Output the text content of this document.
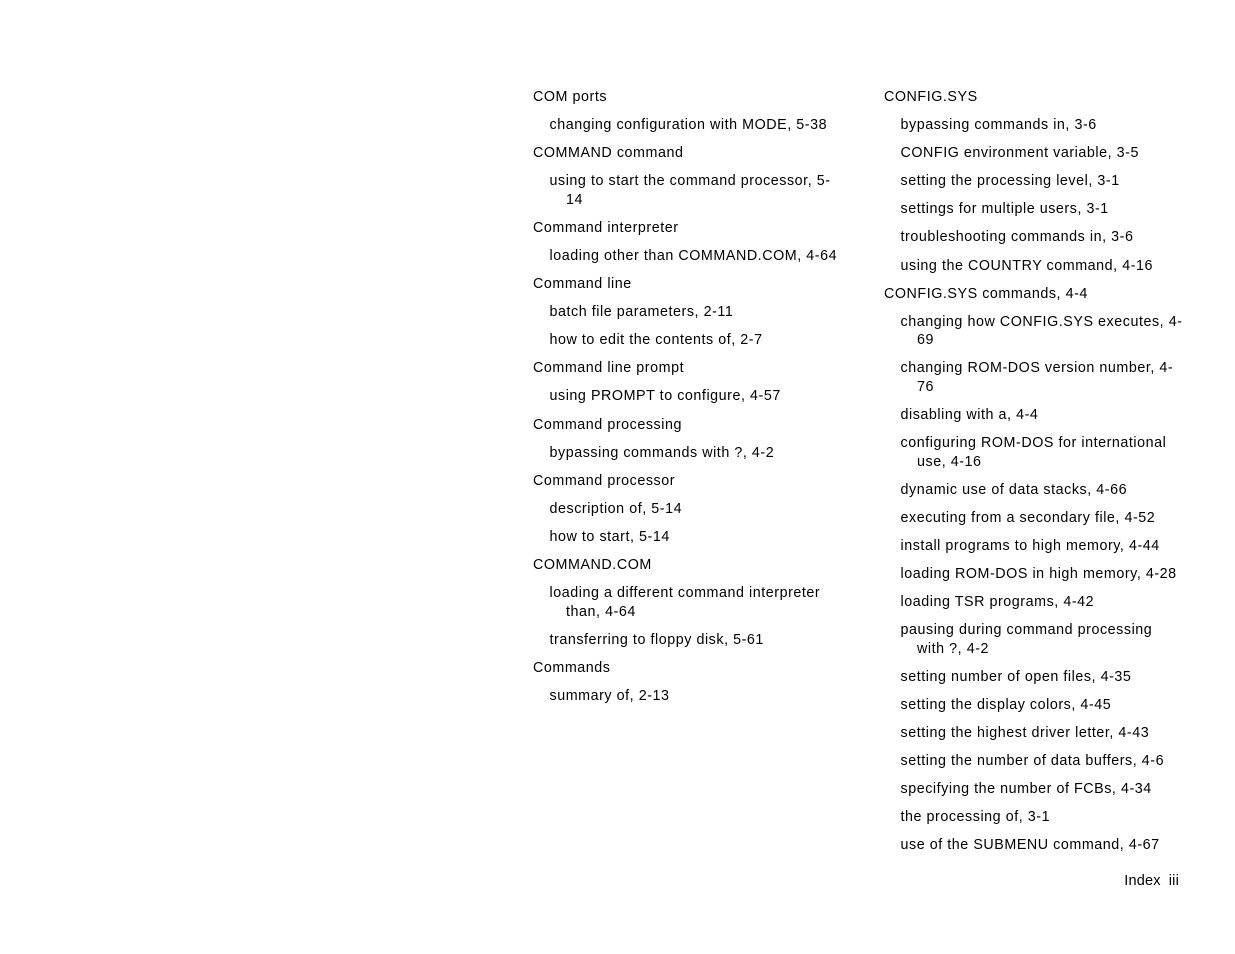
COM ports
changing configuration with MODE, 5-38
COMMAND command
using to start the command processor, 5-14
Command interpreter
loading other than COMMAND.COM, 4-64
Command line
batch file parameters, 2-11
how to edit the contents of, 2-7
Command line prompt
using PROMPT to configure, 4-57
Command processing
bypassing commands with ?, 4-2
Command processor
description of, 5-14
how to start, 5-14
COMMAND.COM
loading a different command interpreter than, 4-64
transferring to floppy disk, 5-61
Commands
summary of, 2-13
CONFIG.SYS
bypassing commands in, 3-6
CONFIG environment variable, 3-5
setting the processing level, 3-1
settings for multiple users, 3-1
troubleshooting commands in, 3-6
using the COUNTRY command, 4-16
CONFIG.SYS commands, 4-4
changing how CONFIG.SYS executes, 4-69
changing ROM-DOS version number, 4-76
disabling with a, 4-4
configuring ROM-DOS for international use, 4-16
dynamic use of data stacks, 4-66
executing from a secondary file, 4-52
install programs to high memory, 4-44
loading ROM-DOS in high memory, 4-28
loading TSR programs, 4-42
pausing during command processing with ?, 4-2
setting number of open files, 4-35
setting the display colors, 4-45
setting the highest driver letter, 4-43
setting the number of data buffers, 4-6
specifying the number of FCBs, 4-34
the processing of, 3-1
use of the SUBMENU command, 4-67
Index iii
